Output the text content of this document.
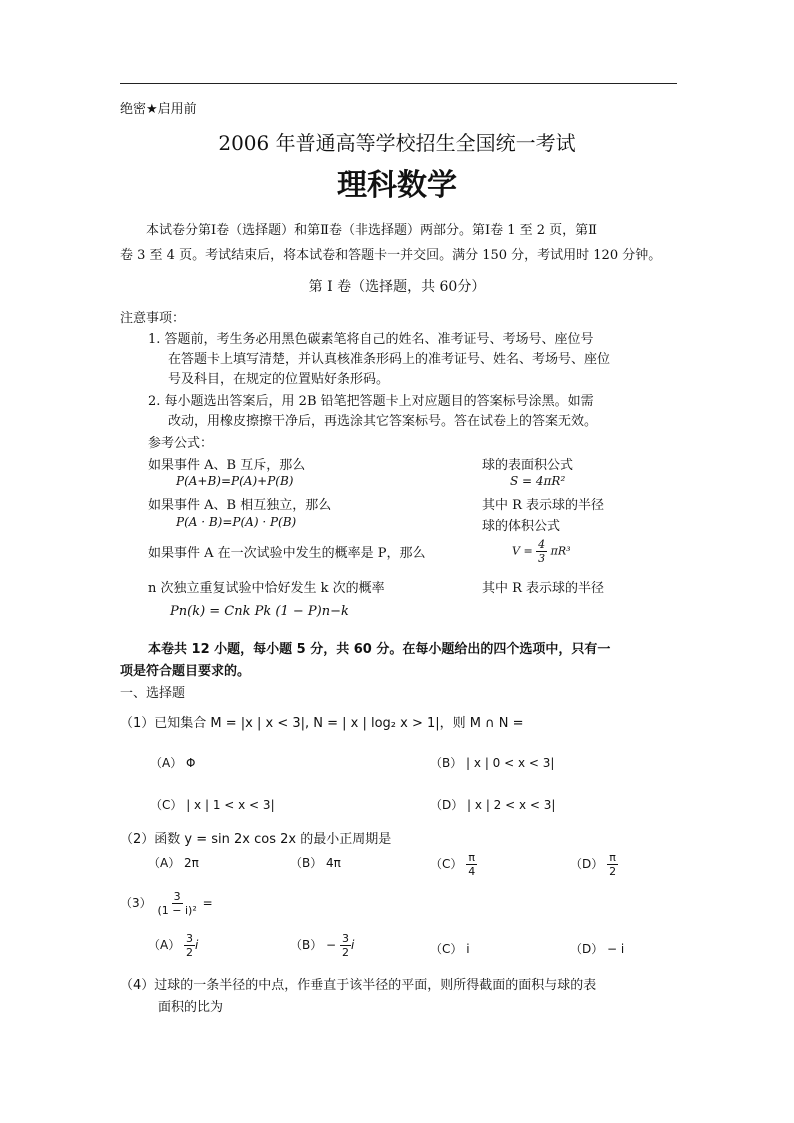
绝密★启用前
2006 年普通高等学校招生全国统一考试
理科数学
本试卷分第Ⅰ卷（选择题）和第Ⅱ卷（非选择题）两部分。第Ⅰ卷 1 至 2 页，第Ⅱ
卷 3 至 4 页。考试结束后，将本试卷和答题卡一并交回。满分 150 分，考试用时 120 分钟。
第 Ⅰ 卷（选择题，共 60分）
注意事项：
1. 答题前，考生务必用黑色碳素笔将自己的姓名、准考证号、考场号、座位号
在答题卡上填写清楚，并认真核准条形码上的准考证号、姓名、考场号、座位
号及科目，在规定的位置贴好条形码。
2. 每小题选出答案后，用 2B 铅笔把答题卡上对应题目的答案标号涂黑。如需
改动，用橡皮擦擦干净后，再选涂其它答案标号。答在试卷上的答案无效。
参考公式：
如果事件 A、B 互斥，那么
P(A+B)=P(A)+P(B)
如果事件 A、B 相互独立，那么
P(A · B)=P(A) · P(B)
如果事件 A 在一次试验中发生的概率是 P，那么
n 次独立重复试验中恰好发生 k 次的概率
Pn(k) = Cnk Pk (1 − P)n−k
球的表面积公式
S = 4πR²
其中 R 表示球的半径
球的体积公式
$V = \frac{4}{3} \pi R^3$
其中 R 表示球的半径
本卷共 12 小题，每小题 5 分，共 60 分。在每小题给出的四个选项中，只有一
项是符合题目要求的。
一、选择题
（1）已知集合 M = |x | x < 3|, N = | x | log₂ x > 1|，则 M ∩ N =
（A） Φ	（B） | x | 0 < x < 3|
（C） | x | 1 < x < 3|	（D） | x | 2 < x < 3|
（2）函数 y = sin 2x cos 2x 的最小正周期是
（A） 2π	（B） 4π	$(C) \frac{\pi}{4}$	$(D) \frac{\pi}{2}$
$(3) \frac{3}{\text{(1 − i)²}}$ =
$(A) \frac{3}{2}$ i	$(B) - \frac{3}{2}$ i	（C） i	（D） − i
（4）过球的一条半径的中点，作垂直于该半径的平面，则所得截面的面积与球的表
面积的比为
